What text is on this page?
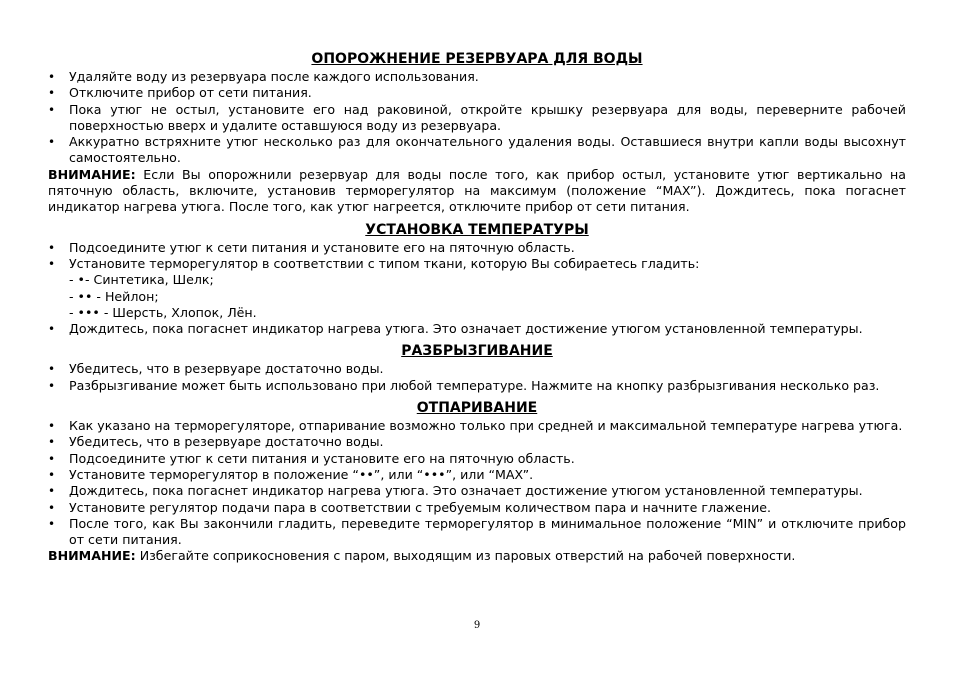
ОПОРОЖНЕНИЕ РЕЗЕРВУАРА ДЛЯ ВОДЫ
•	Удаляйте воду из резервуара после каждого использования.
•	Отключите прибор от сети питания.
•	Пока утюг не остыл, установите его над раковиной, откройте крышку резервуара для воды, переверните рабочей поверхностью вверх и удалите оставшуюся воду из резервуара.
•	Аккуратно встряхните утюг несколько раз для окончательного удаления воды. Оставшиеся внутри капли воды высохнут самостоятельно.

ВНИМАНИЕ: Если Вы опорожнили резервуар для воды после того, как прибор остыл, установите утюг вертикально на пяточную область, включите, установив терморегулятор на максимум (положение “MAX”). Дождитесь, пока погаснет индикатор нагрева утюга. После того, как утюг нагреется, отключите прибор от сети питания.

УСТАНОВКА ТЕМПЕРАТУРЫ
•	Подсоедините утюг к сети питания и установите его на пяточную область.
•	Установите терморегулятор в соответствии с типом ткани, которую Вы собираетесь гладить:
- •- Синтетика, Шелк;
- •• - Нейлон;
- ••• - Шерсть, Хлопок, Лён.
•	Дождитесь, пока погаснет индикатор нагрева утюга. Это означает достижение утюгом установленной температуры.
РАЗБРЫЗГИВАНИЕ
•	Убедитесь, что в резервуаре достаточно воды.
•	Разбрызгивание может быть использовано при любой температуре. Нажмите на кнопку разбрызгивания несколько раз.
ОТПАРИВАНИЕ
•	Как указано на терморегуляторе, отпаривание возможно только при средней и максимальной температуре нагрева утюга.
•	Убедитесь, что в резервуаре достаточно воды.
•	Подсоедините утюг к сети питания и установите его на пяточную область.
•	Установите терморегулятор в положение “••”, или “•••”, или “MAX”.
•	Дождитесь, пока погаснет индикатор нагрева утюга. Это означает достижение утюгом установленной температуры.
•	Установите регулятор подачи пара в соответствии с требуемым количеством пара и начните глажение.
•	После того, как Вы закончили гладить, переведите терморегулятор в минимальное положение “MIN” и отключите прибор от сети питания.

ВНИМАНИЕ: Избегайте соприкосновения с паром, выходящим из паровых отверстий на рабочей поверхности.

9
